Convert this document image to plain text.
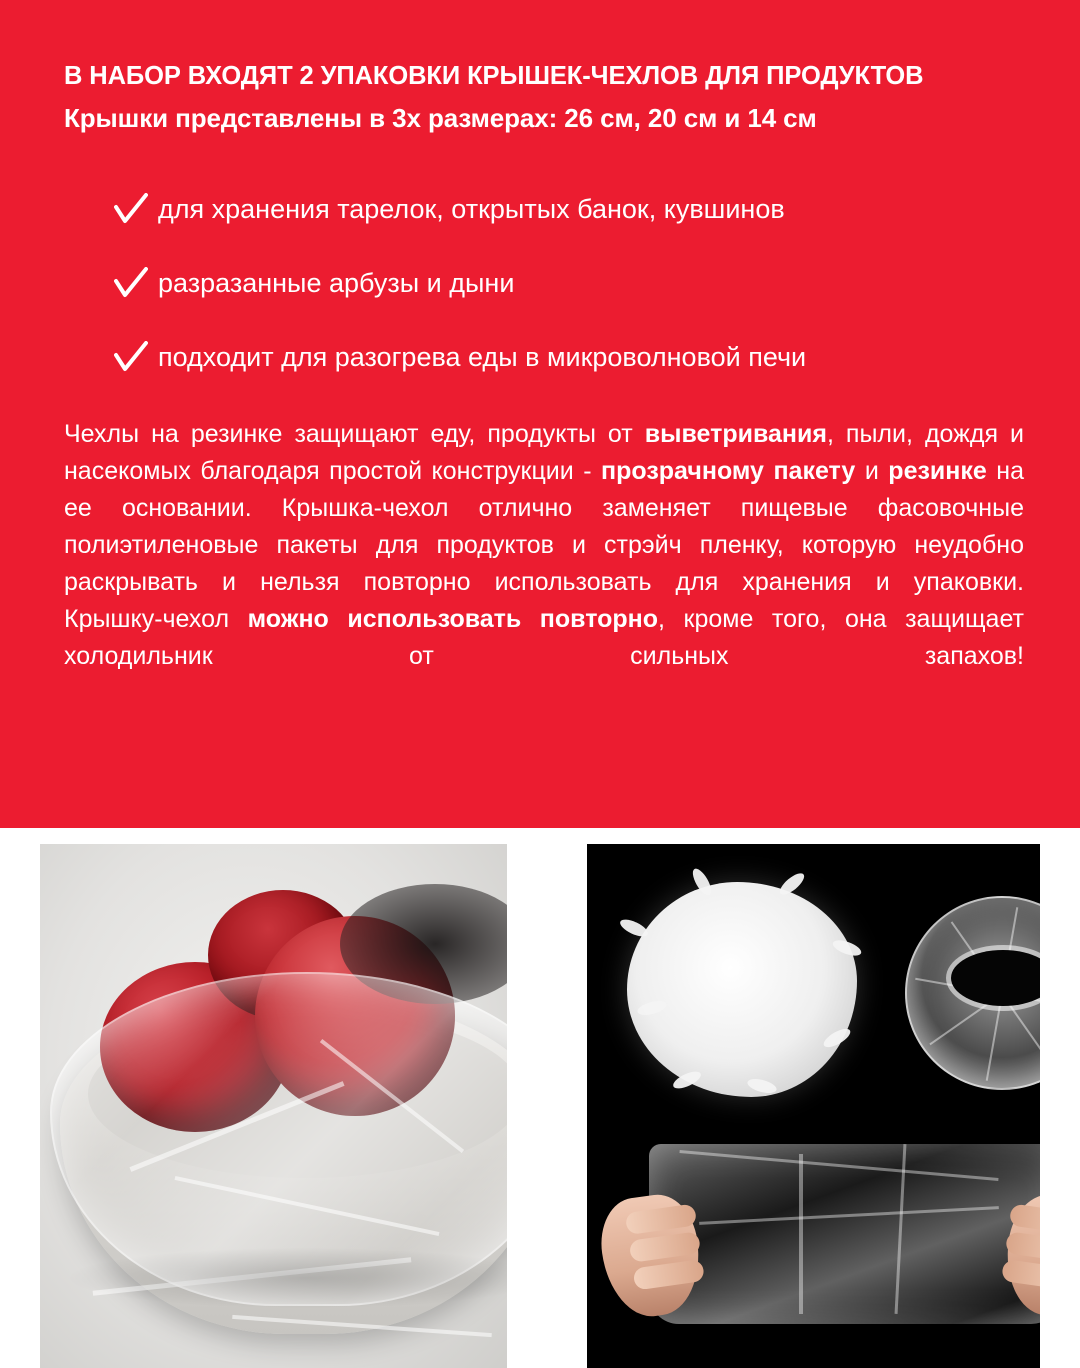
В НАБОР ВХОДЯТ 2 УПАКОВКИ КРЫШЕК-ЧЕХЛОВ ДЛЯ ПРОДУКТОВ
Крышки представлены в 3х размерах: 26 см, 20 см и 14 см
для хранения тарелок, открытых банок, кувшинов
разразанные арбузы и дыни
подходит для разогрева еды в микроволновой печи

Чехлы на резинке защищают еду, продукты от выветривания, пыли, дождя и насекомых благодаря простой конструкции - прозрачному пакету и резинке на ее основании. Крышка-чехол отлично заменяет пищевые фасовочные полиэтиленовые пакеты для продуктов и стрэйч пленку, которую неудобно раскрывать и нельзя повторно использовать для хранения и упаковки.

Крышку-чехол можно использовать повторно, кроме того, она защищает холодильник от сильных запахов!
